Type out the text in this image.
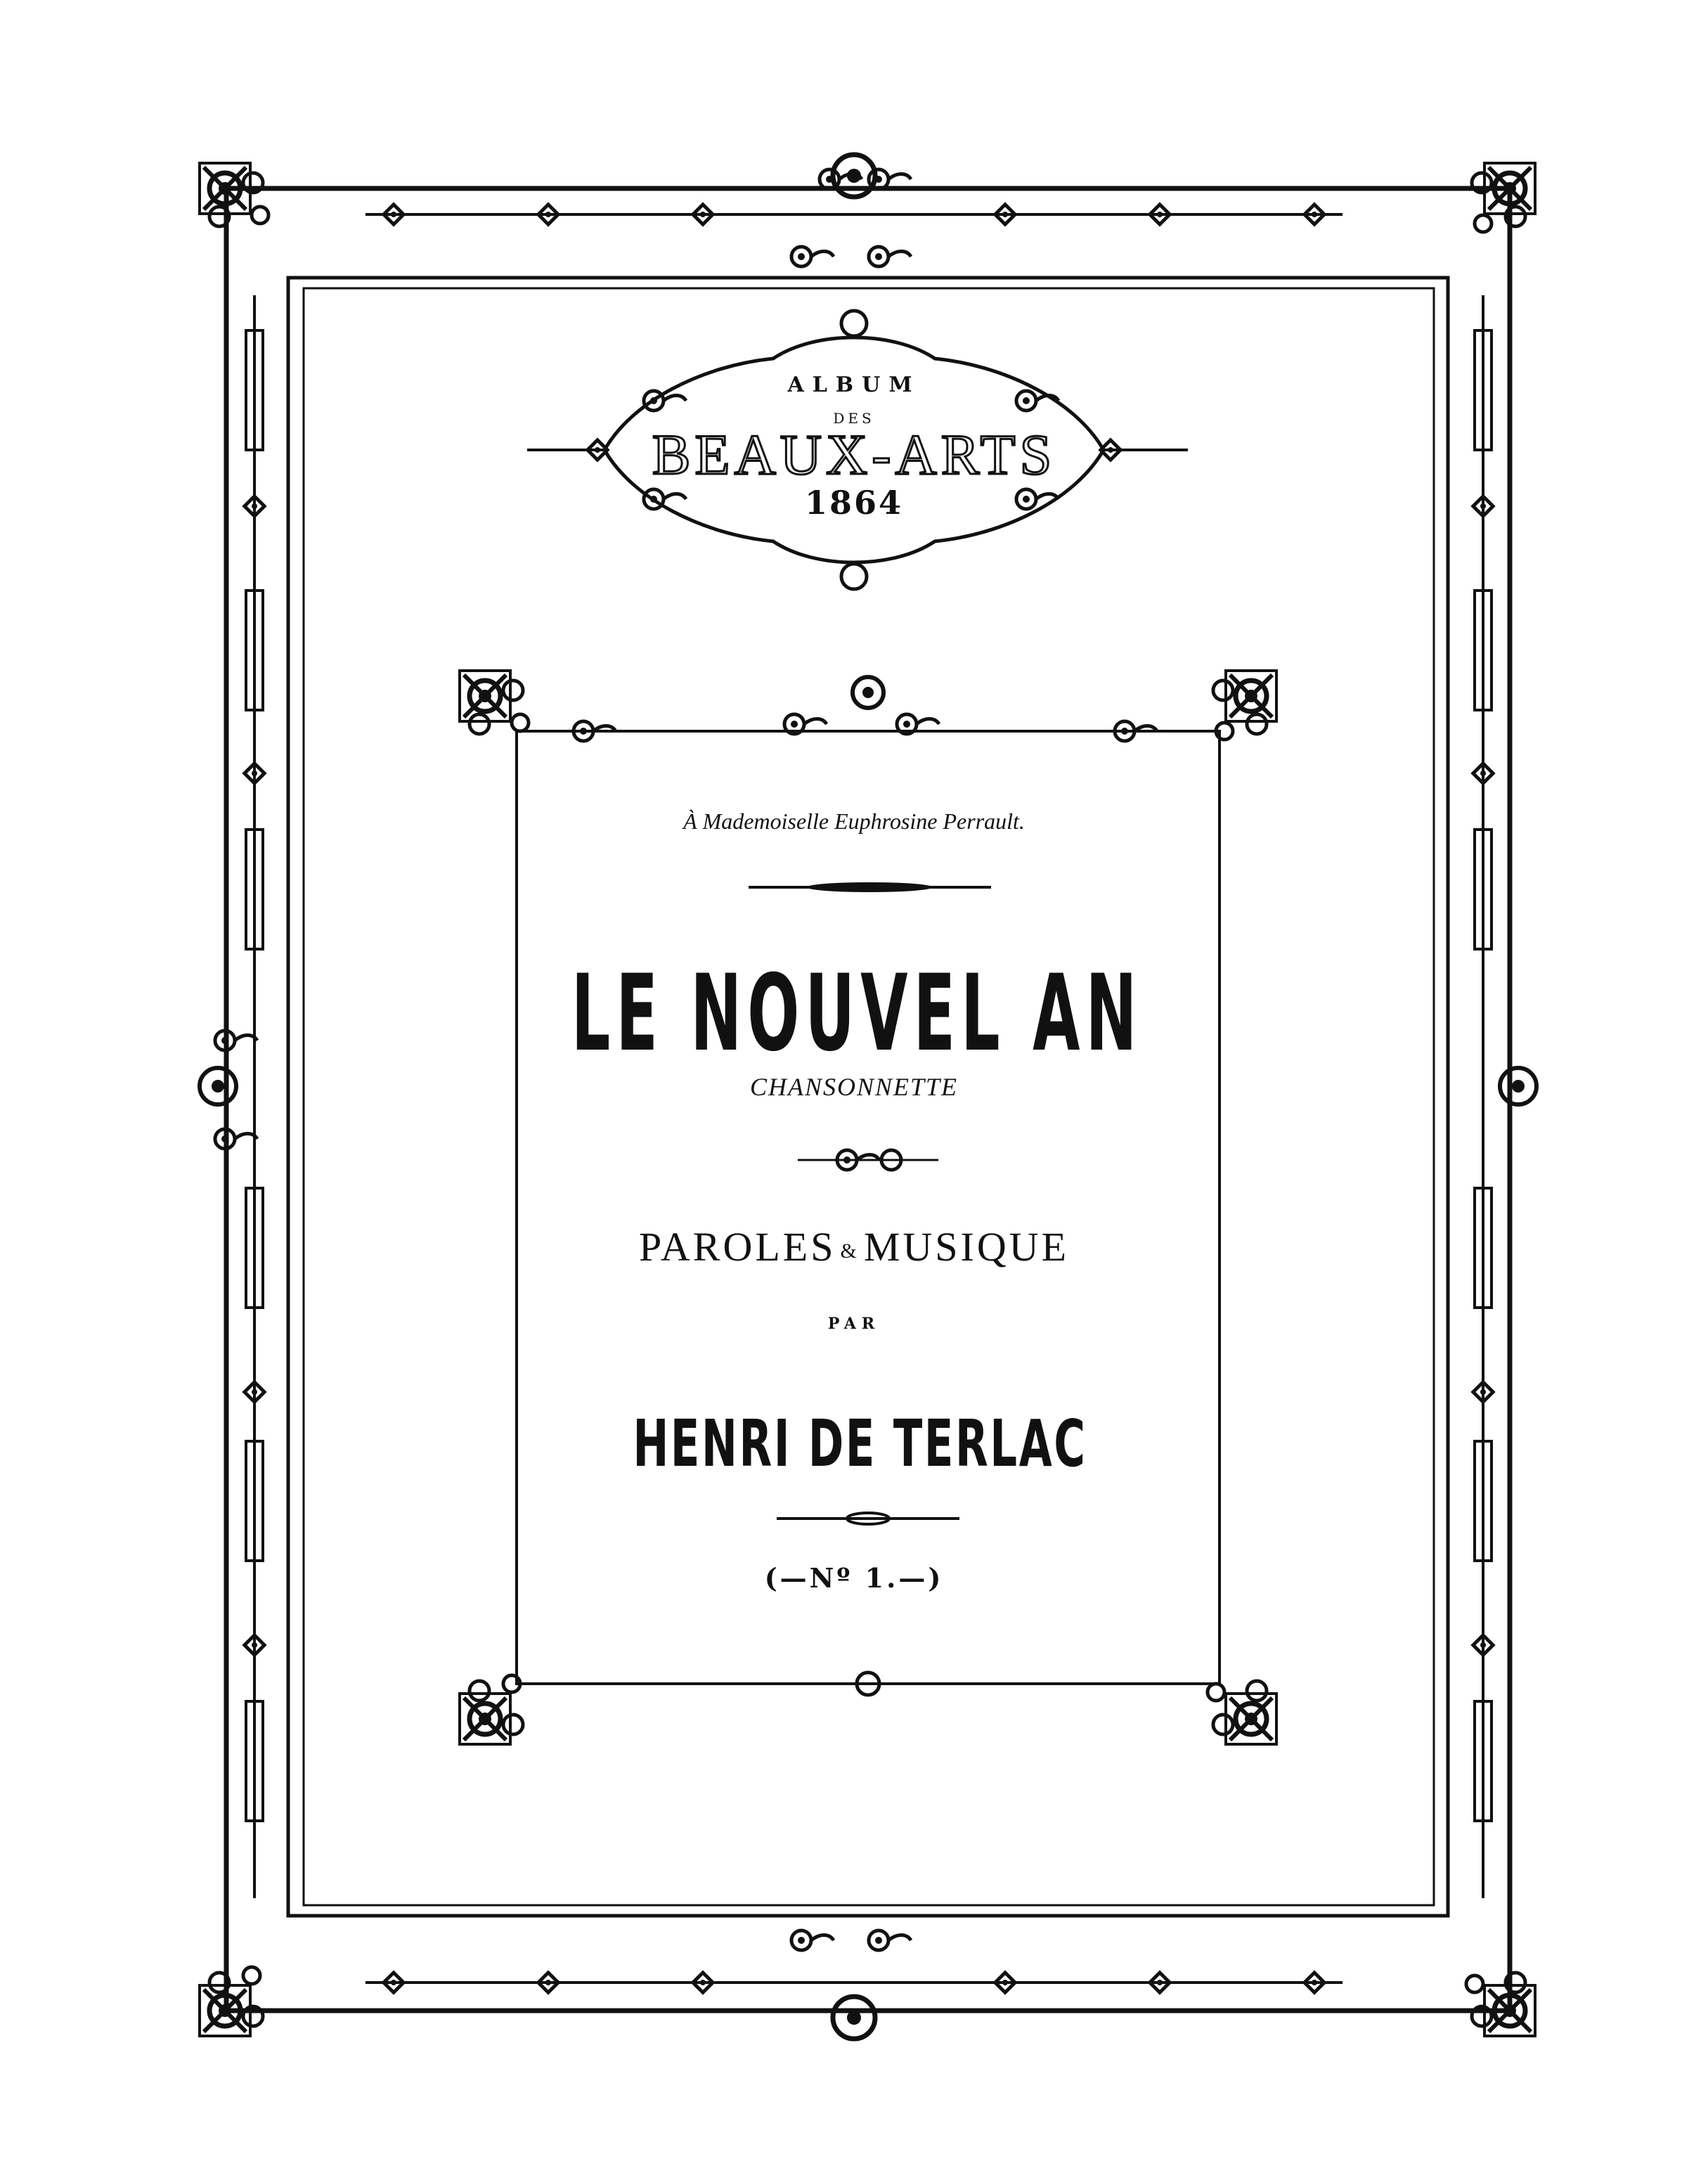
ALBUM
DES
BEAUX-ARTS
1864
À Mademoiselle Euphrosine Perrault.
LE NOUVEL AN
CHANSONNETTE
PAROLES & MUSIQUE
PAR
HENRI DE TERLAC
(—Nº 1.—)
